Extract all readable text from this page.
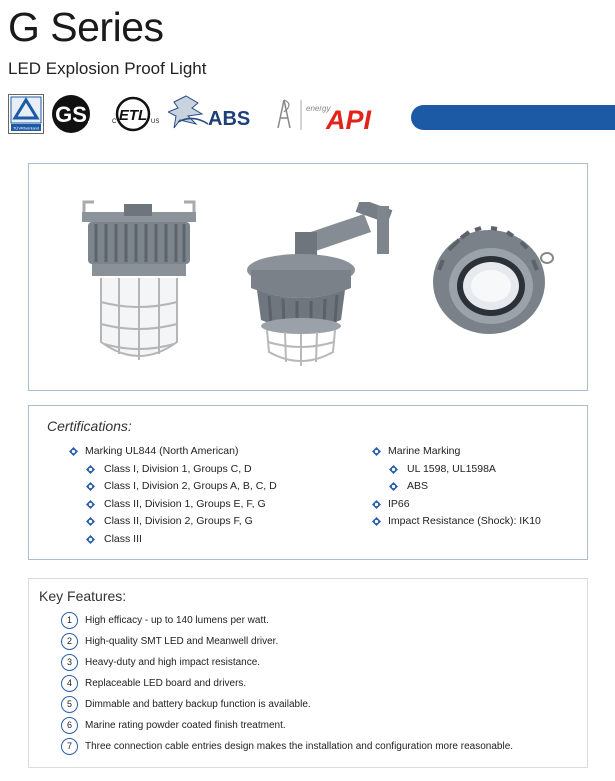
G Series
LED Explosion Proof Light
TÜVRheinland
GS ETL
C	US ABS	energy
API
Certifications:
Marking UL844 (North American)
Class I, Division 1, Groups C, D
Class I, Division 2, Groups A, B, C, D
Class II, Division 1, Groups E, F, G
Class II, Division 2, Groups F, G
Class III
Marine Marking
UL 1598, UL1598A
ABS
IP66
Impact Resistance (Shock): IK10
Key Features:
1	High efficacy - up to 140 lumens per watt.
2	High-quality SMT LED and Meanwell driver.
3	Heavy-duty and high impact resistance.
4	Replaceable LED board and drivers.
5	Dimmable and battery backup function is available.
6	Marine rating powder coated finish treatment.
7	Three connection cable entries design makes the installation and configuration more reasonable.
